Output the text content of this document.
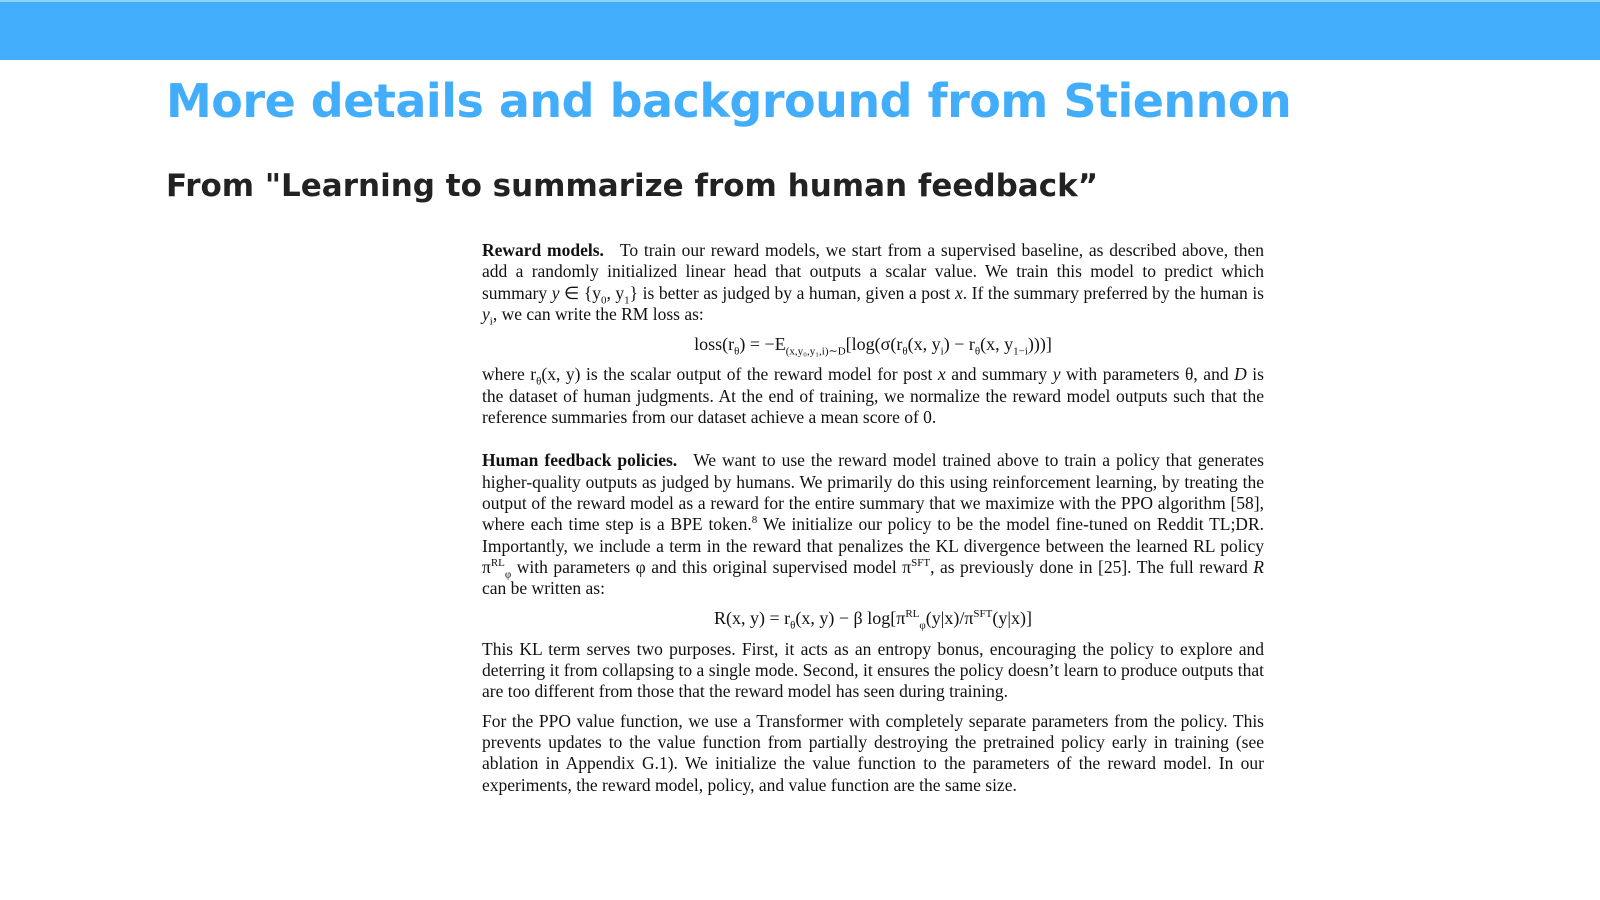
More details and background from Stiennon
From "Learning to summarize from human feedback”

Reward models. To train our reward models, we start from a supervised baseline, as described above, then add a randomly initialized linear head that outputs a scalar value. We train this model to predict which summary y ∈ {$y_0$, $y_1$} is better as judged by a human, given a post x. If the summary preferred by the human is $y_i$, we can write the RM loss as:

$loss(r_\theta) = -E_{(x,y_0,y_1,i)\sim D}[\log(\sigma(r_\theta(x$, $y_i) - r_\theta(x$, $y_{1-i}$)))]

where $r_\theta(x$, y) is the scalar output of the reward model for post x and summary y with parameters θ, and D is the dataset of human judgments. At the end of training, we normalize the reward model outputs such that the reference summaries from our dataset achieve a mean score of 0.

Human feedback policies. We want to use the reward model trained above to train a policy that generates higher-quality outputs as judged by humans. We primarily do this using reinforcement learning, by treating the output of the reward model as a reward for the entire summary that we maximize with the PPO algorithm [58], where each time step is a BPE token.$^8$ We initialize our policy to be the model fine-tuned on Reddit TL;DR. Importantly, we include a term in the reward that penalizes the KL divergence between the learned RL policy $\pi^{RL}_\varphi$ with parameters φ and this original supervised model $\pi^{SFT}$, as previously done in [25]. The full reward R can be written as:

R(x, $y) = r_\theta(x$, y) − β $\log[\pi^{RL}_\varphi(y|x)/\pi^{SFT}(y|x)]$

This KL term serves two purposes. First, it acts as an entropy bonus, encouraging the policy to explore and deterring it from collapsing to a single mode. Second, it ensures the policy doesn’t learn to produce outputs that are too different from those that the reward model has seen during training.

For the PPO value function, we use a Transformer with completely separate parameters from the policy. This prevents updates to the value function from partially destroying the pretrained policy early in training (see ablation in Appendix G.1). We initialize the value function to the parameters of the reward model. In our experiments, the reward model, policy, and value function are the same size.
